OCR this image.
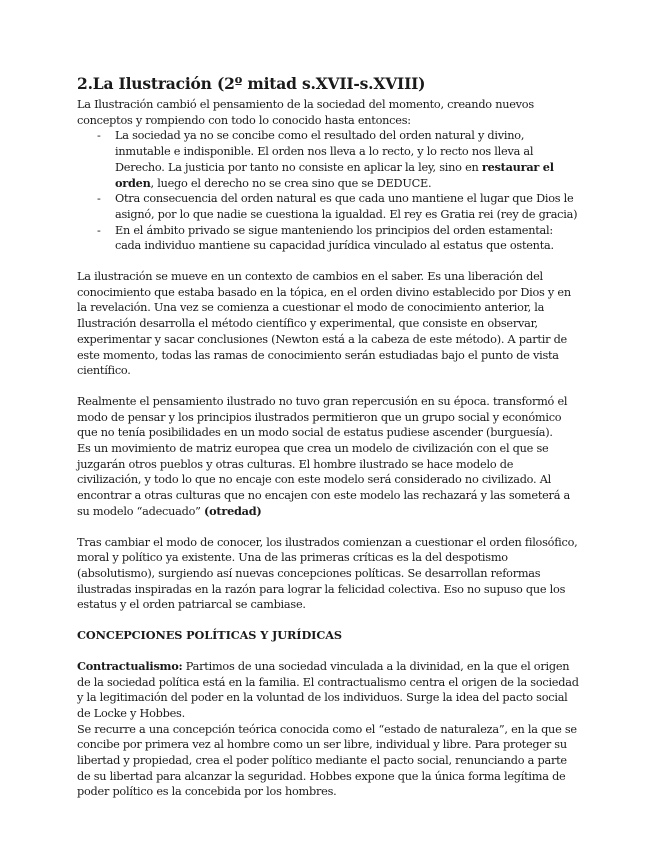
2.La Ilustración (2º mitad s.XVII-s.XVIII)

La Ilustración cambió el pensamiento de la sociedad del momento, creando nuevos conceptos y rompiendo con todo lo conocido hasta entonces:

- La sociedad ya no se concibe como el resultado del orden natural y divino, inmutable e indisponible. El orden nos lleva a lo recto, y lo recto nos lleva al Derecho. La justicia por tanto no consiste en aplicar la ley, sino en restaurar el orden, luego el derecho no se crea sino que se DEDUCE.
- Otra consecuencia del orden natural es que cada uno mantiene el lugar que Dios le asignó, por lo que nadie se cuestiona la igualdad. El rey es Gratia rei (rey de gracia)
- En el ámbito privado se sigue manteniendo los principios del orden estamental: cada individuo mantiene su capacidad jurídica vinculado al estatus que ostenta.

La ilustración se mueve en un contexto de cambios en el saber. Es una liberación del conocimiento que estaba basado en la tópica, en el orden divino establecido por Dios y en la revelación. Una vez se comienza a cuestionar el modo de conocimiento anterior, la Ilustración desarrolla el método científico y experimental, que consiste en observar, experimentar y sacar conclusiones (Newton está a la cabeza de este método). A partir de este momento, todas las ramas de conocimiento serán estudiadas bajo el punto de vista científico.

Realmente el pensamiento ilustrado no tuvo gran repercusión en su época. transformó el modo de pensar y los principios ilustrados permitieron que un grupo social y económico que no tenía posibilidades en un modo social de estatus pudiese ascender (burguesía).

Es un movimiento de matriz europea que crea un modelo de civilización con el que se juzgarán otros pueblos y otras culturas. El hombre ilustrado se hace modelo de civilización, y todo lo que no encaje con este modelo será considerado no civilizado. Al encontrar a otras culturas que no encajen con este modelo las rechazará y las someterá a su modelo “adecuado” (otredad)

Tras cambiar el modo de conocer, los ilustrados comienzan a cuestionar el orden filosófico, moral y político ya existente. Una de las primeras críticas es la del despotismo (absolutismo), surgiendo así nuevas concepciones políticas. Se desarrollan reformas ilustradas inspiradas en la razón para lograr la felicidad colectiva. Eso no supuso que los estatus y el orden patriarcal se cambiase.

CONCEPCIONES POLÍTICAS Y JURÍDICAS

Contractualismo: Partimos de una sociedad vinculada a la divinidad, en la que el origen de la sociedad política está en la familia. El contractualismo centra el origen de la sociedad y la legitimación del poder en la voluntad de los individuos. Surge la idea del pacto social de Locke y Hobbes.

Se recurre a una concepción teórica conocida como el “estado de naturaleza”, en la que se concibe por primera vez al hombre como un ser libre, individual y libre. Para proteger su libertad y propiedad, crea el poder político mediante el pacto social, renunciando a parte de su libertad para alcanzar la seguridad. Hobbes expone que la única forma legítima de poder político es la concebida por los hombres.
